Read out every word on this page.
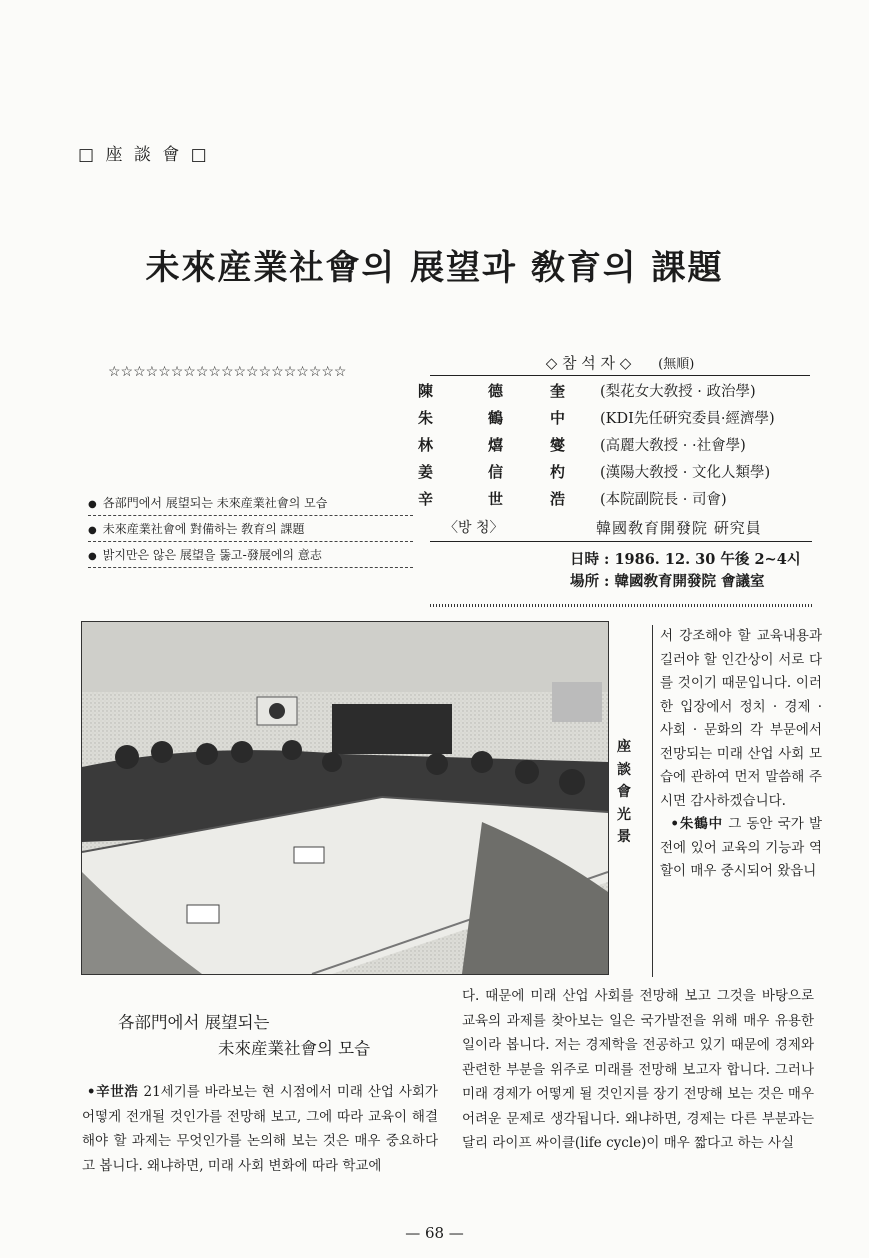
□ 座 談 會 □
未來産業社會의 展望과 敎育의 課題
☆☆☆☆☆☆☆☆☆☆☆☆☆☆☆☆☆☆☆	◇ 참 석 자 ◇ (無順)
陳	德	奎 (梨花女大敎授 · 政治學)
朱	鶴	中 (KDI先任硏究委員·經濟學)
林	熺	燮 (高麗大敎授 · ·社會學)
姜	信	杓 (漢陽大敎授 · 文化人類學)
辛	世	浩 (本院副院長 · 司會)
〈방 청〉	韓國敎育開發院 硏究員
● 各部門에서 展望되는 未來産業社會의 모습
● 未來産業社會에 對備하는 敎育의 課題
● 밝지만은 않은 展望을 뚫고-發展에의 意志	日時 : 1986. 12. 30 午後 2~4시
場所 : 韓國敎育開發院 會議室
座
談
會
光
景
서 강조해야 할 교육내용과 길러야 할 인간상이 서로 다를 것이기 때문입니다. 이러한 입장에서 정치 · 경제 · 사회 · 문화의 각 부문에서 전망되는 미래 산업 사회 모습에 관하여 먼저 말씀해 주시면 감사하겠습니다.
•朱鶴中 그 동안 국가 발전에 있어 교육의 기능과 역할이 매우 중시되어 왔읍니
다. 때문에 미래 산업 사회를 전망해 보고 그것을 바탕으로 교육의 과제를 찾아보는 일은 국가발전을 위해 매우 유용한 일이라 봅니다. 저는 경제학을 전공하고 있기 때문에 경제와 관련한 부분을 위주로 미래를 전망해 보고자 합니다. 그러나 미래 경제가 어떻게 될 것인지를 장기 전망해 보는 것은 매우 어려운 문제로 생각됩니다. 왜냐하면, 경제는 다른 부분과는 달리 라이프 싸이클(life cycle)이 매우 짧다고 하는 사실
各部門에서 展望되는
未來産業社會의 모습
•辛世浩 21세기를 바라보는 현 시점에서 미래 산업 사회가 어떻게 전개될 것인가를 전망해 보고, 그에 따라 교육이 해결해야 할 과제는 무엇인가를 논의해 보는 것은 매우 중요하다고 봅니다. 왜냐하면, 미래 사회 변화에 따라 학교에
— 68 —
